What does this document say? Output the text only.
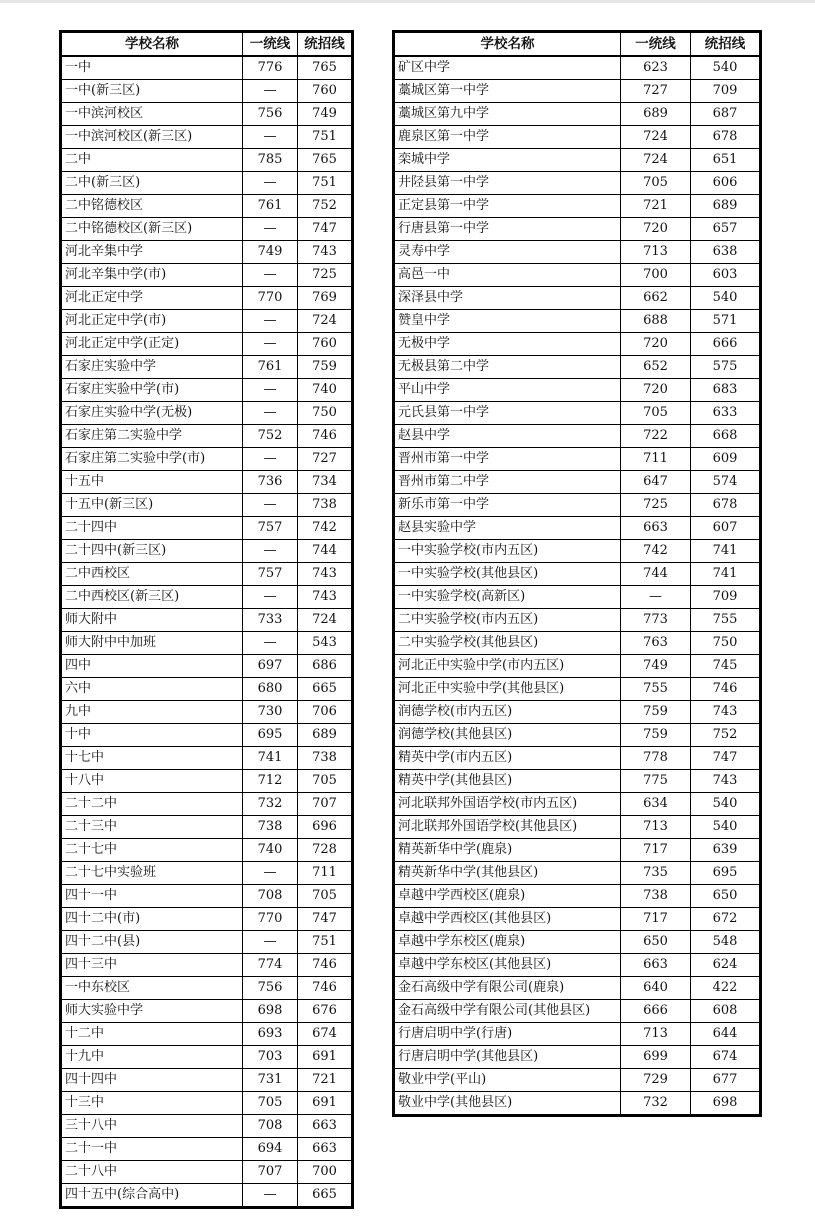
学校名称	一统线	统招线
一中	776	765
一中(新三区)	—	760
一中滨河校区	756	749
一中滨河校区(新三区)	—	751
二中	785	765
二中(新三区)	—	751
二中铭德校区	761	752
二中铭德校区(新三区)	—	747
河北辛集中学	749	743
河北辛集中学(市)	—	725
河北正定中学	770	769
河北正定中学(市)	—	724
河北正定中学(正定)	—	760
石家庄实验中学	761	759
石家庄实验中学(市)	—	740
石家庄实验中学(无极)	—	750
石家庄第二实验中学	752	746
石家庄第二实验中学(市)	—	727
十五中	736	734
十五中(新三区)	—	738
二十四中	757	742
二十四中(新三区)	—	744
二中西校区	757	743
二中西校区(新三区)	—	743
师大附中	733	724
师大附中中加班	—	543
四中	697	686
六中	680	665
九中	730	706
十中	695	689
十七中	741	738
十八中	712	705
二十二中	732	707
二十三中	738	696
二十七中	740	728
二十七中实验班	—	711
四十一中	708	705
四十二中(市)	770	747
四十二中(县)	—	751
四十三中	774	746
一中东校区	756	746
师大实验中学	698	676
十二中	693	674
十九中	703	691
四十四中	731	721
十三中	705	691
三十八中	708	663
二十一中	694	663
二十八中	707	700
四十五中(综合高中)	—	665
学校名称	一统线	统招线
矿区中学	623	540
藁城区第一中学	727	709
藁城区第九中学	689	687
鹿泉区第一中学	724	678
栾城中学	724	651
井陉县第一中学	705	606
正定县第一中学	721	689
行唐县第一中学	720	657
灵寿中学	713	638
高邑一中	700	603
深泽县中学	662	540
赞皇中学	688	571
无极中学	720	666
无极县第二中学	652	575
平山中学	720	683
元氏县第一中学	705	633
赵县中学	722	668
晋州市第一中学	711	609
晋州市第二中学	647	574
新乐市第一中学	725	678
赵县实验中学	663	607
一中实验学校(市内五区)	742	741
一中实验学校(其他县区)	744	741
一中实验学校(高新区)	—	709
二中实验学校(市内五区)	773	755
二中实验学校(其他县区)	763	750
河北正中实验中学(市内五区)	749	745
河北正中实验中学(其他县区)	755	746
润德学校(市内五区)	759	743
润德学校(其他县区)	759	752
精英中学(市内五区)	778	747
精英中学(其他县区)	775	743
河北联邦外国语学校(市内五区)	634	540
河北联邦外国语学校(其他县区)	713	540
精英新华中学(鹿泉)	717	639
精英新华中学(其他县区)	735	695
卓越中学西校区(鹿泉)	738	650
卓越中学西校区(其他县区)	717	672
卓越中学东校区(鹿泉)	650	548
卓越中学东校区(其他县区)	663	624
金石高级中学有限公司(鹿泉)	640	422
金石高级中学有限公司(其他县区)	666	608
行唐启明中学(行唐)	713	644
行唐启明中学(其他县区)	699	674
敬业中学(平山)	729	677
敬业中学(其他县区)	732	698
